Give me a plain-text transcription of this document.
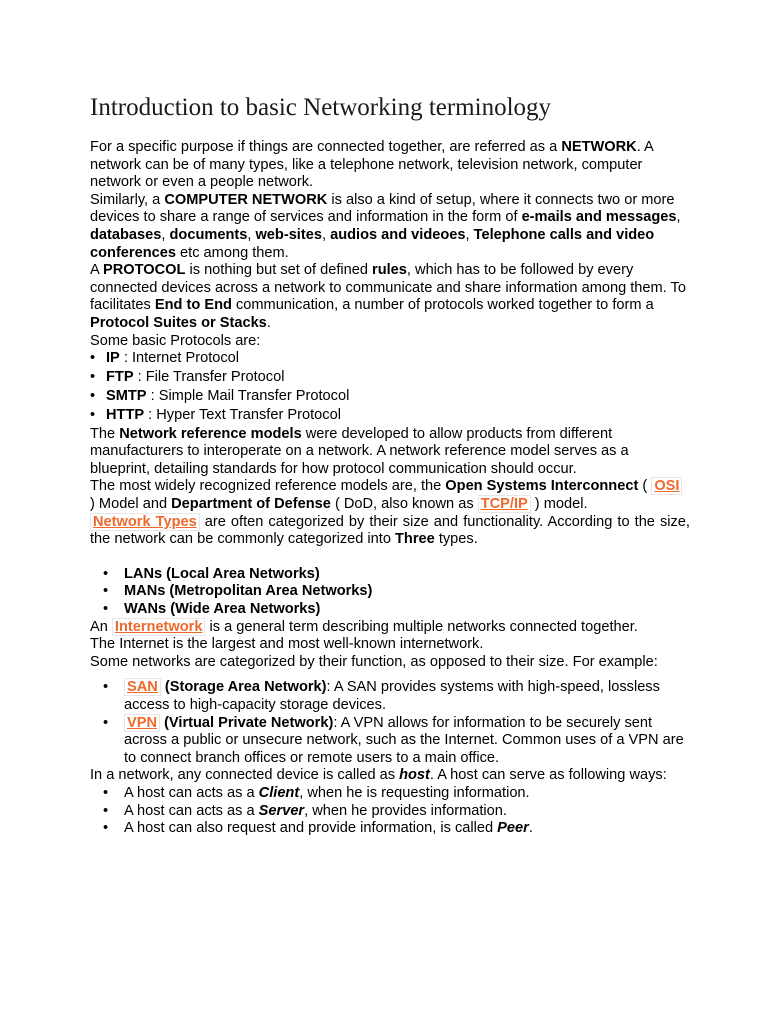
Introduction to basic Networking terminology

For a specific purpose if things are connected together, are referred as a NETWORK. A network can be of many types, like a telephone network, television network, computer network or even a people network.

Similarly, a COMPUTER NETWORK is also a kind of setup, where it connects two or more devices to share a range of services and information in the form of e-mails and messages, databases, documents, web-sites, audios and videoes, Telephone calls and video conferences etc among them.

A PROTOCOL is nothing but set of defined rules, which has to be followed by every connected devices across a network to communicate and share information among them. To facilitates End to End communication, a number of protocols worked together to form a Protocol Suites or Stacks.

Some basic Protocols are:

• IP : Internet Protocol
• FTP : File Transfer Protocol
• SMTP : Simple Mail Transfer Protocol
• HTTP : Hyper Text Transfer Protocol

The Network reference models were developed to allow products from different manufacturers to interoperate on a network. A network reference model serves as a blueprint, detailing standards for how protocol communication should occur.

The most widely recognized reference models are, the Open Systems Interconnect ( OSI ) Model and Department of Defense ( DoD, also known as TCP/IP ) model.

Network Types are often categorized by their size and functionality. According to the size, the network can be commonly categorized into Three types.

• LANs (Local Area Networks)
• MANs (Metropolitan Area Networks)
• WANs (Wide Area Networks)

An Internetwork is a general term describing multiple networks connected together.

The Internet is the largest and most well-known internetwork.

Some networks are categorized by their function, as opposed to their size. For example:

• SAN (Storage Area Network): A SAN provides systems with high-speed, lossless access to high-capacity storage devices.
• VPN (Virtual Private Network): A VPN allows for information to be securely sent across a public or unsecure network, such as the Internet. Common uses of a VPN are to connect branch offices or remote users to a main office.

In a network, any connected device is called as host. A host can serve as following ways:

• A host can acts as a Client, when he is requesting information.
• A host can acts as a Server, when he provides information.
• A host can also request and provide information, is called Peer.
